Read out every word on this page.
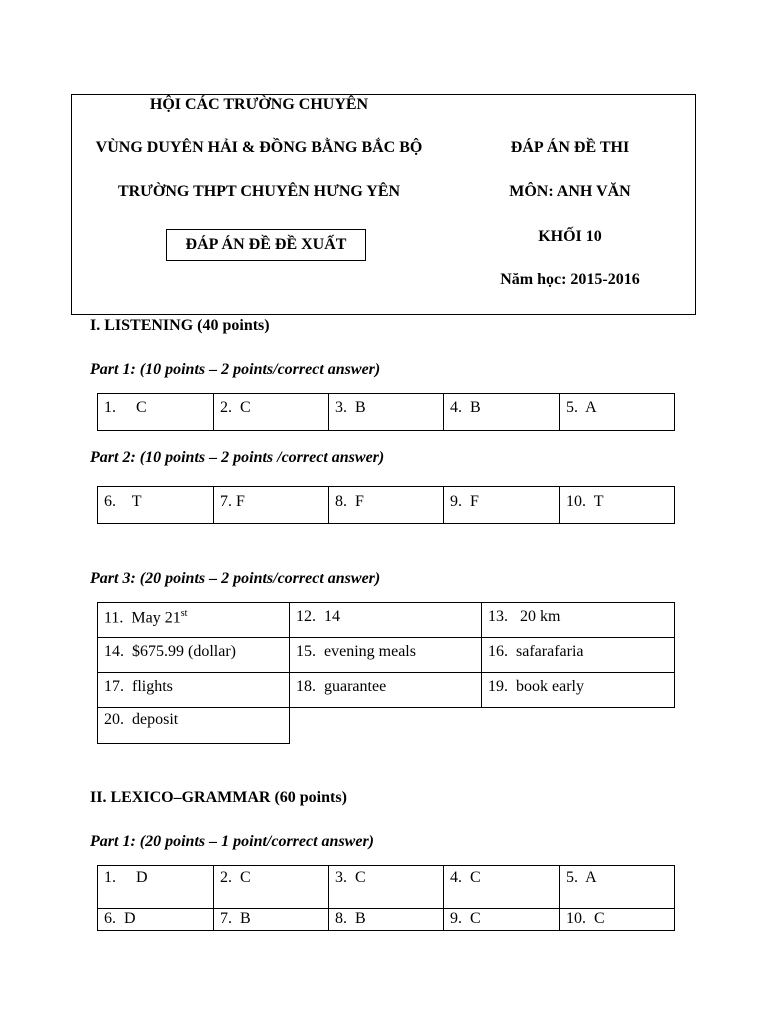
HỘI CÁC TRƯỜNG CHUYÊN
VÙNG DUYÊN HẢI & ĐỒNG BẰNG BẮC BỘ
TRƯỜNG THPT CHUYÊN HƯNG YÊN
ĐÁP ÁN ĐỀ ĐỀ XUẤT
ĐÁP ÁN ĐỀ THI
MÔN: ANH VĂN
KHỐI 10
Năm học: 2015-2016
I. LISTENING (40 points)
Part 1: (10 points – 2 points/correct answer)
1.     C	2.  C	3.  B	4.  B	5.  A
Part 2: (10 points – 2 points /correct answer)
6.    T	7. F	8.  F	9.  F	10.  T
Part 3: (20 points – 2 points/correct answer)
11.  May 21st	12.  14	13.   20 km
14.  $675.99 (dollar)	15.  evening meals	16.  safarafaria
17.  flights	18.  guarantee	19.  book early
20.  deposit		
II. LEXICO–GRAMMAR (60 points)
Part 1: (20 points – 1 point/correct answer)
1.     D	2.  C	3.  C	4.  C	5.  A
6.  D	7.  B	8.  B	9.  C	10.  C
